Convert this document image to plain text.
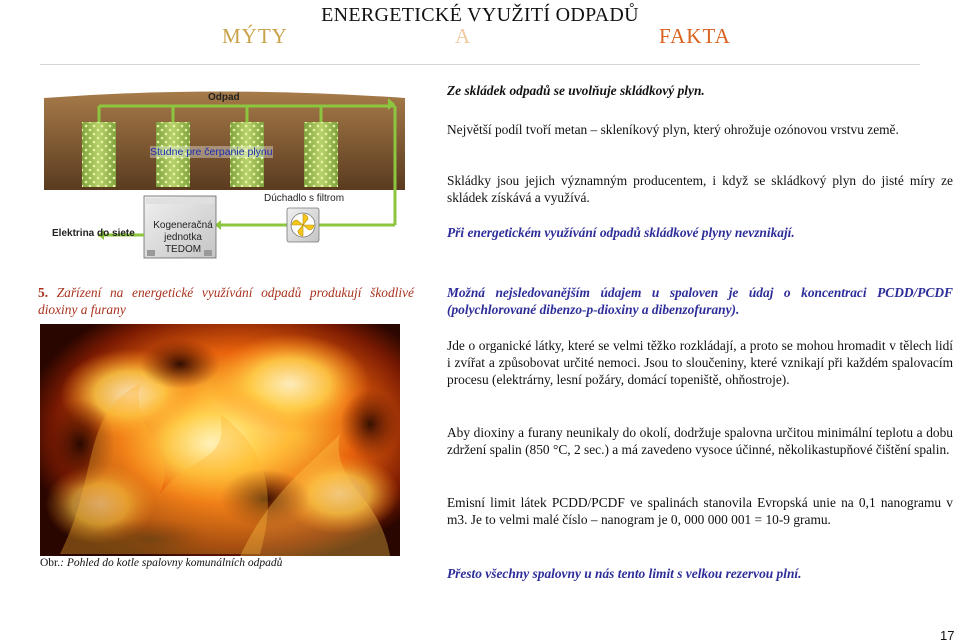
ENERGETICKÉ VYUŽITÍ ODPADŮ
MÝTY	A	FAKTA
Odpad
Studne pre čerpanie plynu
Dúchadlo s filtrom
Elektrina do siete
Kogeneračná
jednotka
TEDOM
Ze skládek odpadů se uvolňuje skládkový plyn.
Největší podíl tvoří metan – skleníkový plyn, který ohrožuje ozónovou vrstvu země.
Skládky jsou jejich významným producentem, i když se skládkový plyn do jisté míry ze skládek získává a využívá.
Při energetickém využívání odpadů skládkové plyny nevznikají.
Možná nejsledovanějším údajem u spaloven je údaj o koncentraci PCDD/PCDF (polychlorované dibenzo-p-dioxiny a dibenzofurany).
Jde o organické látky, které se velmi těžko rozkládají, a proto se mohou hromadit v tělech lidí i zvířat a způsobovat určité nemoci. Jsou to sloučeniny, které vznikají při každém spalovacím procesu (elektrárny, lesní požáry, domácí topeniště, ohňostroje).
Aby dioxiny a furany neunikaly do okolí, dodržuje spalovna určitou minimální teplotu a dobu zdržení spalin (850 °C, 2 sec.) a má zavedeno vysoce účinné, několikastupňové čištění spalin.
Emisní limit látek PCDD/PCDF ve spalinách stanovila Evropská unie na 0,1 nanogramu v m3. Je to velmi malé číslo – nanogram je 0, 000 000 001 = 10-9 gramu.
Přesto všechny spalovny u nás tento limit s velkou rezervou plní.
5. Zařízení na energetické využívání odpadů produkují škodlivé dioxiny a furany
Obr.: Pohled do kotle spalovny komunálních odpadů
17
